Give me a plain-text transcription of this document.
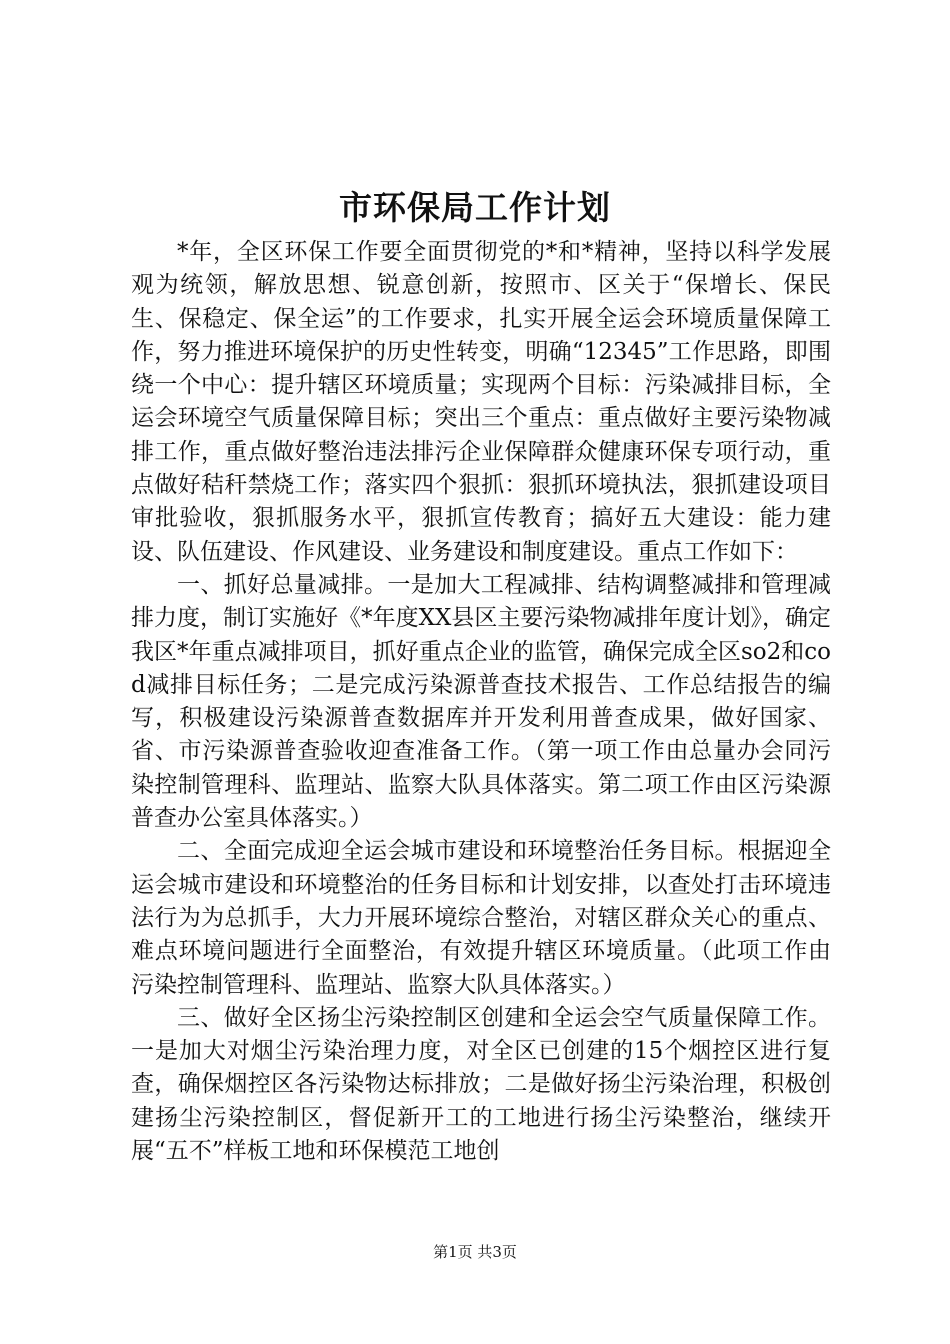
市环保局工作计划

*年，全区环保工作要全面贯彻党的*和*精神，坚持以科学发展观为统领，解放思想、锐意创新，按照市、区关于“保增长、保民生、保稳定、保全运”的工作要求，扎实开展全运会环境质量保障工作，努力推进环境保护的历史性转变，明确“12345”工作思路，即围绕一个中心：提升辖区环境质量；实现两个目标：污染减排目标，全运会环境空气质量保障目标；突出三个重点：重点做好主要污染物减排工作，重点做好整治违法排污企业保障群众健康环保专项行动，重点做好秸秆禁烧工作；落实四个狠抓：狠抓环境执法，狠抓建设项目审批验收，狠抓服务水平，狠抓宣传教育；搞好五大建设：能力建设、队伍建设、作风建设、业务建设和制度建设。重点工作如下：

一、抓好总量减排。一是加大工程减排、结构调整减排和管理减排力度，制订实施好《*年度XX县区主要污染物减排年度计划》，确定我区*年重点减排项目，抓好重点企业的监管，确保完成全区so2和cod减排目标任务；二是完成污染源普查技术报告、工作总结报告的编写，积极建设污染源普查数据库并开发利用普查成果，做好国家、省、市污染源普查验收迎查准备工作。（第一项工作由总量办会同污染控制管理科、监理站、监察大队具体落实。第二项工作由区污染源普查办公室具体落实。）

二、全面完成迎全运会城市建设和环境整治任务目标。根据迎全运会城市建设和环境整治的任务目标和计划安排，以查处打击环境违法行为为总抓手，大力开展环境综合整治，对辖区群众关心的重点、难点环境问题进行全面整治，有效提升辖区环境质量。（此项工作由污染控制管理科、监理站、监察大队具体落实。）

三、做好全区扬尘污染控制区创建和全运会空气质量保障工作。一是加大对烟尘污染治理力度，对全区已创建的15个烟控区进行复查，确保烟控区各污染物达标排放；二是做好扬尘污染治理，积极创建扬尘污染控制区，督促新开工的工地进行扬尘污染整治，继续开展“五不”样板工地和环保模范工地创

第1页 共3页
